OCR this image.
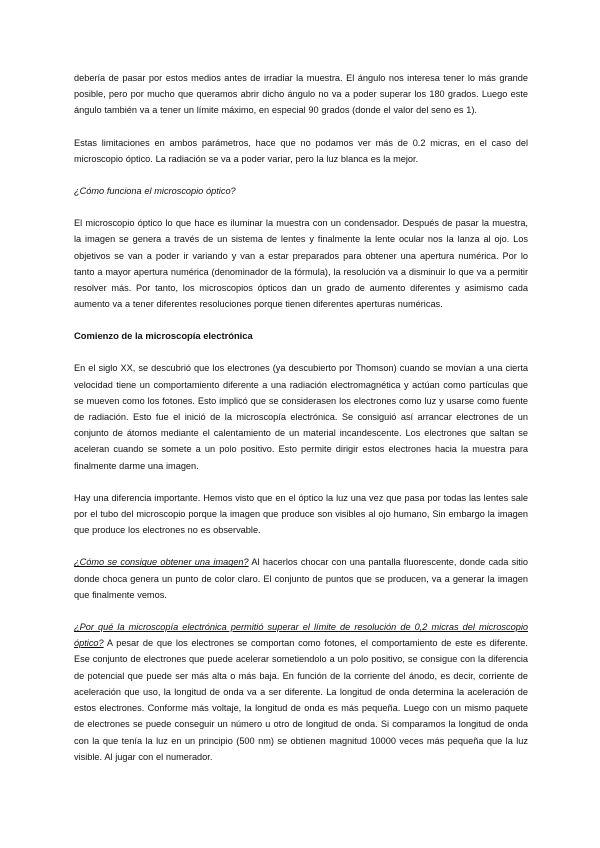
debería de pasar por estos medios antes de irradiar la muestra. El ángulo nos interesa tener lo más grande posible, pero por mucho que queramos abrir dicho ángulo no va a poder superar los 180 grados. Luego este ángulo también va a tener un límite máximo, en especial 90 grados (donde el valor del seno es 1).

Estas limitaciones en ambos parámetros, hace que no podamos ver más de 0.2 micras, en el caso del microscopio óptico. La radiación se va a poder variar, pero la luz blanca es la mejor.

¿Cómo funciona el microscopio óptico?

El microscopio óptico lo que hace es iluminar la muestra con un condensador. Después de pasar la muestra, la imagen se genera a través de un sistema de lentes y finalmente la lente ocular nos la lanza al ojo. Los objetivos se van a poder ir variando y van a estar preparados para obtener una apertura numérica. Por lo tanto a mayor apertura numérica (denominador de la fórmula), la resolución va a disminuir lo que va a permitir resolver más. Por tanto, los microscopios ópticos dan un grado de aumento diferentes y asimismo cada aumento va a tener diferentes resoluciones porque tienen diferentes aperturas numéricas.

Comienzo de la microscopía electrónica

En el siglo XX, se descubrió que los electrones (ya descubierto por Thomson) cuando se movían a una cierta velocidad tiene un comportamiento diferente a una radiación electromagnética y actúan como partículas que se mueven como los fotones. Esto implicó que se considerasen los electrones como luz y usarse como fuente de radiación. Esto fue el inició de la microscopía electrónica. Se consiguió así arrancar electrones de un conjunto de átomos mediante el calentamiento de un material incandescente. Los electrones que saltan se aceleran cuando se somete a un polo positivo. Esto permite dirigir estos electrones hacia la muestra para finalmente darme una imagen.

Hay una diferencia importante. Hemos visto que en el óptico la luz una vez que pasa por todas las lentes sale por el tubo del microscopio porque la imagen que produce son visibles al ojo humano, Sin embargo la imagen que produce los electrones no es observable.

¿Cómo se consigue obtener una imagen? Al hacerlos chocar con una pantalla fluorescente, donde cada sitio donde choca genera un punto de color claro. El conjunto de puntos que se producen, va a generar la imagen que finalmente vemos.

¿Por qué la microscopía electrónica permitió superar el límite de resolución de 0,2 micras del microscopio óptico? A pesar de que los electrones se comportan como fotones, el comportamiento de este es diferente. Ese conjunto de electrones que puede acelerar sometiendolo a un polo positivo, se consigue con la diferencia de potencial que puede ser más alta o más baja. En función de la corriente del ánodo, es decir, corriente de aceleración que uso, la longitud de onda va a ser diferente. La longitud de onda determina la aceleración de estos electrones. Conforme más voltaje, la longitud de onda es más pequeña. Luego con un mismo paquete de electrones se puede conseguir un número u otro de longitud de onda. Si comparamos la longitud de onda con la que tenía la luz en un principio (500 nm) se obtienen magnitud 10000 veces más pequeña que la luz visible. Al jugar con el numerador.
